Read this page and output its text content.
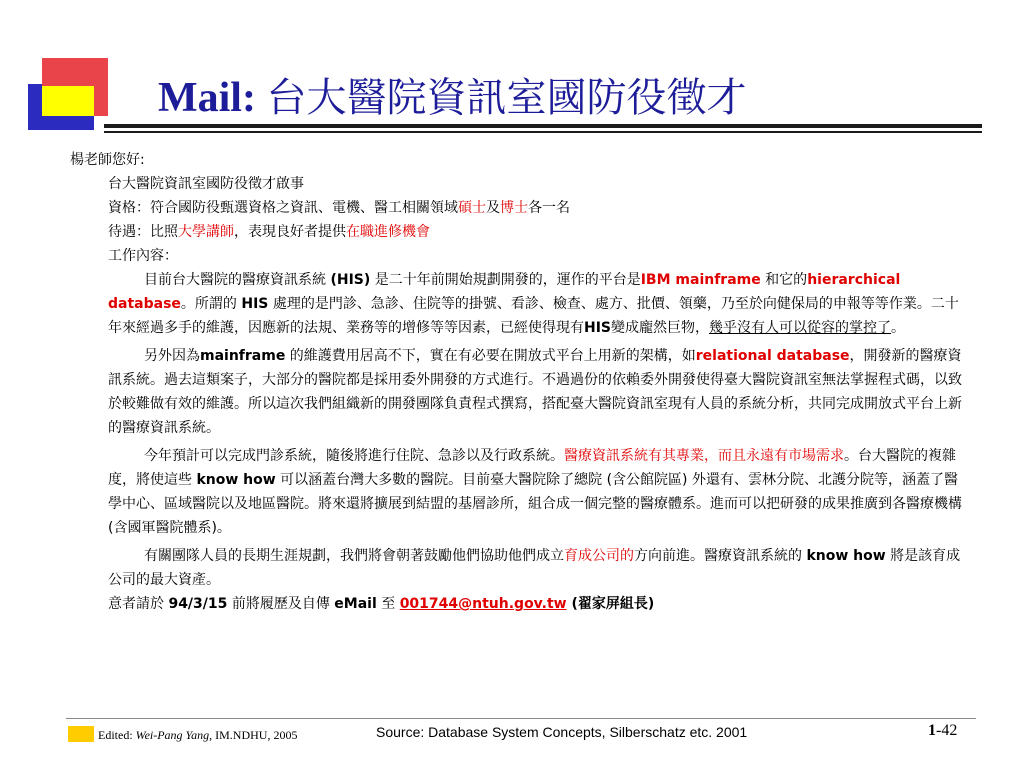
Mail: 台大醫院資訊室國防役徵才

楊老師您好:

台大醫院資訊室國防役徵才啟事

資格：符合國防役甄選資格之資訊、電機、醫工相關領域碩士及博士各一名

待遇：比照大學講師，表現良好者提供在職進修機會

工作內容：

目前台大醫院的醫療資訊系統 (HIS) 是二十年前開始規劃開發的，運作的平台是IBM mainframe 和它的hierarchical database。所謂的 HIS 處理的是門診、急診、住院等的掛號、看診、檢查、處方、批價、領藥，乃至於向健保局的申報等等作業。二十年來經過多手的維護，因應新的法規、業務等的增修等等因素，已經使得現有HIS變成龐然巨物，幾乎沒有人可以從容的掌控了。

另外因為mainframe 的維護費用居高不下，實在有必要在開放式平台上用新的架構，如relational database，開發新的醫療資訊系統。過去這類案子，大部分的醫院都是採用委外開發的方式進行。不過過份的依賴委外開發使得臺大醫院資訊室無法掌握程式碼，以致於較難做有效的維護。所以這次我們組織新的開發團隊負責程式撰寫，搭配臺大醫院資訊室現有人員的系統分析，共同完成開放式平台上新的醫療資訊系統。

今年預計可以完成門診系統，隨後將進行住院、急診以及行政系統。醫療資訊系統有其專業，而且永遠有市場需求。台大醫院的複雜度，將使這些 know how 可以涵蓋台灣大多數的醫院。目前臺大醫院除了總院 (含公館院區) 外還有、雲林分院、北護分院等，涵蓋了醫學中心、區域醫院以及地區醫院。將來還將擴展到結盟的基層診所，組合成一個完整的醫療體系。進而可以把研發的成果推廣到各醫療機構 (含國軍醫院體系)。

有關團隊人員的長期生涯規劃，我們將會朝著鼓勵他們協助他們成立育成公司的方向前進。醫療資訊系統的 know how 將是該育成公司的最大資產。

意者請於 94/3/15 前將履歷及自傳 eMail 至 001744@ntuh.gov.tw (翟家屏組長)

Edited: Wei-Pang Yang, IM.NDHU, 2005	Source: Database System Concepts, Silberschatz etc. 2001	1-42
